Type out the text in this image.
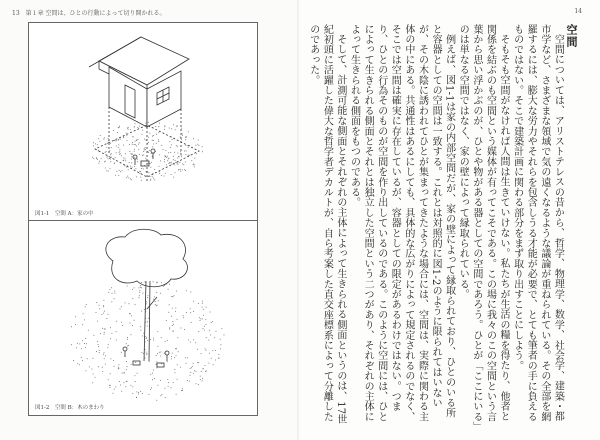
13　第１章 空間は、ひとの行動によって切り開かれる。
図1-1　空間 A：家の中
図1-2　空間 B：木のまわり
14
空間

空間については、アリストテレスの昔から、哲学、物理学、数学、社会学、建築・都市学など、さまざまな領域で気の遠くなるような議論が重ねられている。その全部を網羅するには、膨大な労力やそれらを包含しうる才能が必要で、とても筆者の手に負えるものではない。そこで建築計画に関わる部分をまず取り出すことにしよう。

そもそも空間がなければ人間は生きていけない。私たちが生活の糧を得たり、他者と関係を結ぶのも空間という媒体が有ってこそである。この場に我々のこの空間という言葉から思い浮かぶのが、ひとや物がある器としての空間であろう。ひとが「ここにいる」のは単なる空間ではなく、家の壁によって縁取られている。

例えば、図1-1は家の内部空間だが、家の壁によって縁取られており、ひとのいる所と容器としての空間は一致する。これとは対照的に図1-2のように限られてはいないが、その木陰に誘われてひとが集まってきたような場合には、空間は、実際に関わる主体の中にある。共通性はあるにしても、具体的な広がりによって規定されるのでなく、そこでは空間は確実に存在しているが、容器としての限定があるわけではない。つまり、ひとの行為そのものが空間を作り出しているのである。このように空間には、ひとによって生きられる側面とそれとは独立した空間という二つがあり、それぞれの主体によって生きられる側面をもつのである。

そして、計測可能な側面とそれぞれの主体によって生きられる側面というのは、17世紀初頭に活躍した偉大な哲学者デカルトが、自ら考案した直交座標系によって分離したのであった。
